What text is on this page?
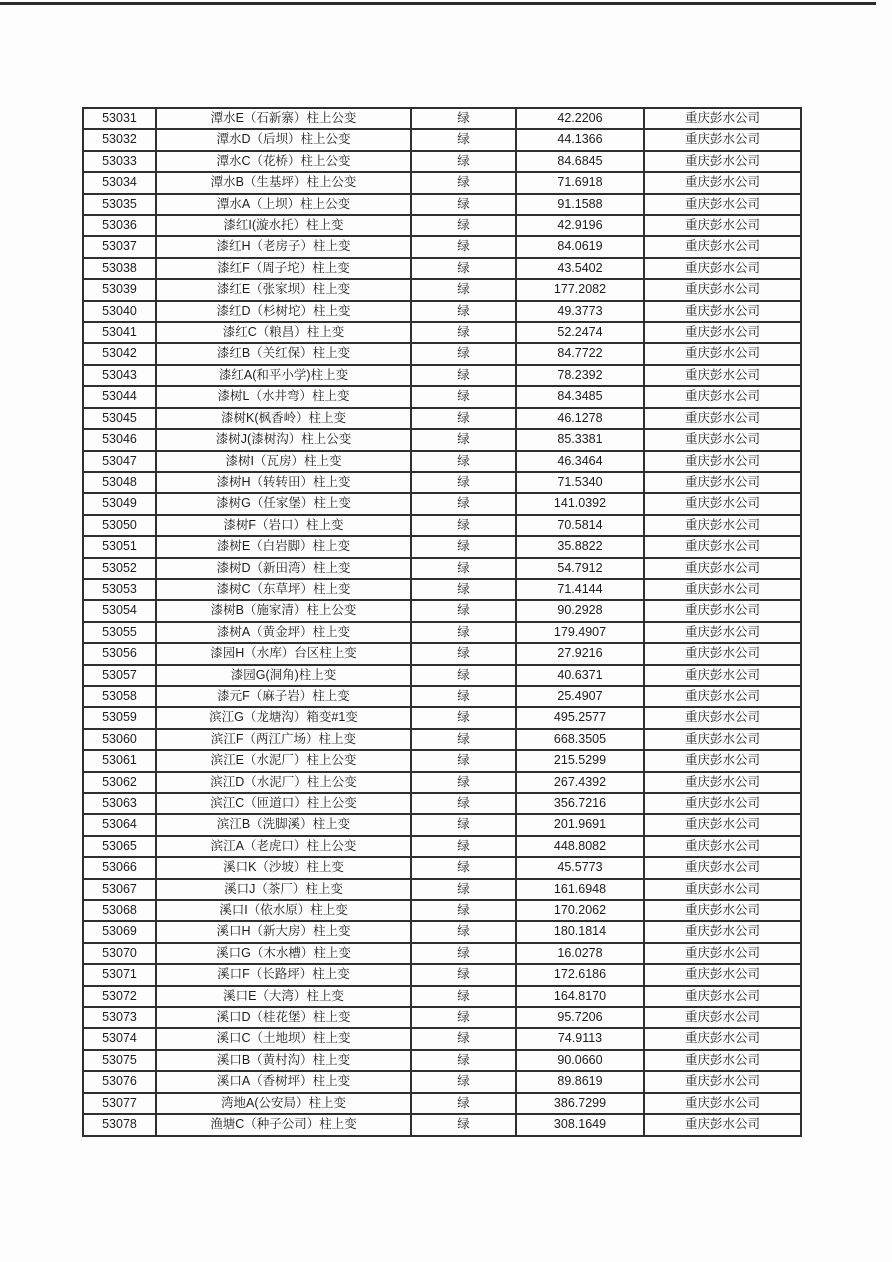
53031	潭水E（石新寨）柱上公变	绿	42.2206	重庆彭水公司
53032	潭水D（后坝）柱上公变	绿	44.1366	重庆彭水公司
53033	潭水C（花桥）柱上公变	绿	84.6845	重庆彭水公司
53034	潭水B（生基坪）柱上公变	绿	71.6918	重庆彭水公司
53035	潭水A（上坝）柱上公变	绿	91.1588	重庆彭水公司
53036	漆红I(漩水托）柱上变	绿	42.9196	重庆彭水公司
53037	漆红H（老房子）柱上变	绿	84.0619	重庆彭水公司
53038	漆红F（周子坨）柱上变	绿	43.5402	重庆彭水公司
53039	漆红E（张家坝）柱上变	绿	177.2082	重庆彭水公司
53040	漆红D（杉树坨）柱上变	绿	49.3773	重庆彭水公司
53041	漆红C（粮昌）柱上变	绿	52.2474	重庆彭水公司
53042	漆红B（关红保）柱上变	绿	84.7722	重庆彭水公司
53043	漆红A(和平小学)柱上变	绿	78.2392	重庆彭水公司
53044	漆树L（水井弯）柱上变	绿	84.3485	重庆彭水公司
53045	漆树K(枫香岭）柱上变	绿	46.1278	重庆彭水公司
53046	漆树J(漆树沟）柱上公变	绿	85.3381	重庆彭水公司
53047	漆树I（瓦房）柱上变	绿	46.3464	重庆彭水公司
53048	漆树H（转转田）柱上变	绿	71.5340	重庆彭水公司
53049	漆树G（任家堡）柱上变	绿	141.0392	重庆彭水公司
53050	漆树F（岩口）柱上变	绿	70.5814	重庆彭水公司
53051	漆树E（白岩脚）柱上变	绿	35.8822	重庆彭水公司
53052	漆树D（新田湾）柱上变	绿	54.7912	重庆彭水公司
53053	漆树C（东草坪）柱上变	绿	71.4144	重庆彭水公司
53054	漆树B（施家清）柱上公变	绿	90.2928	重庆彭水公司
53055	漆树A（黄金坪）柱上变	绿	179.4907	重庆彭水公司
53056	漆园H（水库）台区柱上变	绿	27.9216	重庆彭水公司
53057	漆园G(洞角)柱上变	绿	40.6371	重庆彭水公司
53058	漆元F（麻子岩）柱上变	绿	25.4907	重庆彭水公司
53059	滨江G（龙塘沟）箱变#1变	绿	495.2577	重庆彭水公司
53060	滨江F（两江广场）柱上变	绿	668.3505	重庆彭水公司
53061	滨江E（水泥厂）柱上公变	绿	215.5299	重庆彭水公司
53062	滨江D（水泥厂）柱上公变	绿	267.4392	重庆彭水公司
53063	滨江C（匝道口）柱上公变	绿	356.7216	重庆彭水公司
53064	滨江B（洗脚溪）柱上变	绿	201.9691	重庆彭水公司
53065	滨江A（老虎口）柱上公变	绿	448.8082	重庆彭水公司
53066	溪口K（沙坡）柱上变	绿	45.5773	重庆彭水公司
53067	溪口J（茶厂）柱上变	绿	161.6948	重庆彭水公司
53068	溪口I（依水原）柱上变	绿	170.2062	重庆彭水公司
53069	溪口H（新大房）柱上变	绿	180.1814	重庆彭水公司
53070	溪口G（木水槽）柱上变	绿	16.0278	重庆彭水公司
53071	溪口F（长路坪）柱上变	绿	172.6186	重庆彭水公司
53072	溪口E（大湾）柱上变	绿	164.8170	重庆彭水公司
53073	溪口D（桂花堡）柱上变	绿	95.7206	重庆彭水公司
53074	溪口C（土地坝）柱上变	绿	74.9113	重庆彭水公司
53075	溪口B（黄村沟）柱上变	绿	90.0660	重庆彭水公司
53076	溪口A（香树坪）柱上变	绿	89.8619	重庆彭水公司
53077	湾地A(公安局）柱上变	绿	386.7299	重庆彭水公司
53078	渔塘C（种子公司）柱上变	绿	308.1649	重庆彭水公司
